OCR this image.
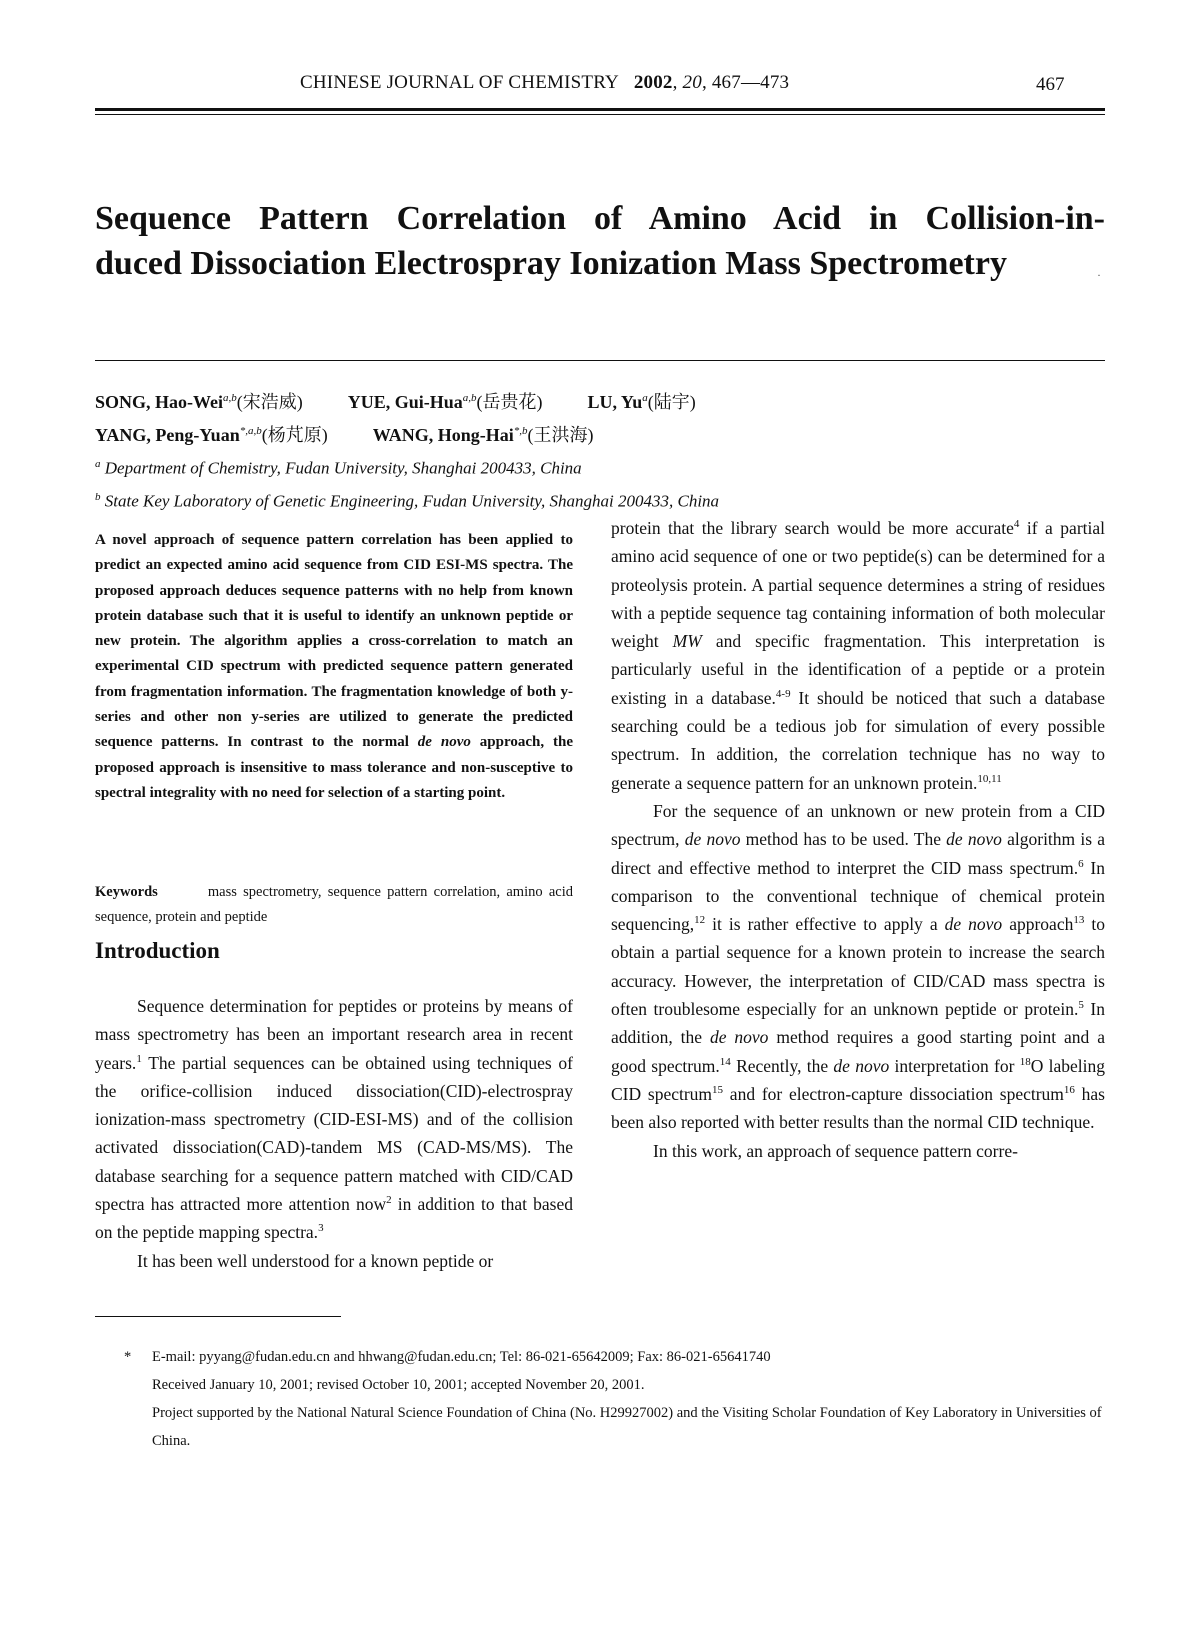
CHINESE JOURNAL OF CHEMISTRY 2002, 20, 467—473	467
Sequence Pattern Correlation of Amino Acid in Collision-in-
duced Dissociation Electrospray Ionization Mass Spectrometry	·
SONG, Hao-Wei$^{a,b}$(宋浩威)	YUE, Gui-Hua$^{a,b}$(岳贵花)	LU, Yu$^a$(陆宇)
YANG, Peng-Yuan$^{*,a,b}$(杨芃原)	WANG, Hong-Hai$^{*,b}$(王洪海)
$^a$ Department of Chemistry, Fudan University, Shanghai 200433, China
$^b$ State Key Laboratory of Genetic Engineering, Fudan University, Shanghai 200433, China

A novel approach of sequence pattern correlation has been applied to predict an expected amino acid sequence from CID ESI-MS spectra. The proposed approach deduces sequence patterns with no help from known protein database such that it is useful to identify an unknown peptide or new protein. The algorithm applies a cross-correlation to match an experimental CID spectrum with predicted sequence pattern generated from fragmentation information. The fragmentation knowledge of both y-series and other non y-series are utilized to generate the predicted sequence patterns. In contrast to the normal de novo approach, the proposed approach is insensitive to mass tolerance and non-susceptive to spectral integrality with no need for selection of a starting point.

Keywords	mass spectrometry, sequence pattern correlation, amino acid sequence, protein and peptide

Introduction

Sequence determination for peptides or proteins by means of mass spectrometry has been an important research area in recent years.$^1$ The partial sequences can be obtained using techniques of the orifice-collision induced dissociation(CID)-electrospray ionization-mass spectrometry (CID-ESI-MS) and of the collision activated dissociation(CAD)-tandem MS (CAD-MS/MS). The database searching for a sequence pattern matched with CID/CAD spectra has attracted more attention now$^2$ in addition to that based on the peptide mapping spectra.$^3$

It has been well understood for a known peptide or

protein that the library search would be more accurate$^4$ if a partial amino acid sequence of one or two peptide(s) can be determined for a proteolysis protein. A partial sequence determines a string of residues with a peptide sequence tag containing information of both molecular weight MW and specific fragmentation. This interpretation is particularly useful in the identification of a peptide or a protein existing in a database.$^{4-9}$ It should be noticed that such a database searching could be a tedious job for simulation of every possible spectrum. In addition, the correlation technique has no way to generate a sequence pattern for an unknown protein.$^{10,11}$

For the sequence of an unknown or new protein from a CID spectrum, de novo method has to be used. The de novo algorithm is a direct and effective method to interpret the CID mass spectrum.$^6$ In comparison to the conventional technique of chemical protein sequencing,$^{12}$ it is rather effective to apply a de novo approach$^{13}$ to obtain a partial sequence for a known protein to increase the search accuracy. However, the interpretation of CID/CAD mass spectra is often troublesome especially for an unknown peptide or protein.$^5$ In addition, the de novo method requires a good starting point and a good spectrum.$^{14}$ Recently, the de novo interpretation for $^{18}$O labeling CID spectrum$^{15}$ and for electron-capture dissociation spectrum$^{16}$ has been also reported with better results than the normal CID technique.

In this work, an approach of sequence pattern corre-

* E-mail: pyyang@fudan.edu.cn and hhwang@fudan.edu.cn; Tel: 86-021-65642009; Fax: 86-021-65641740

Received January 10, 2001; revised October 10, 2001; accepted November 20, 2001.

Project supported by the National Natural Science Foundation of China (No. H29927002) and the Visiting Scholar Foundation of Key Laboratory in Universities of China.
